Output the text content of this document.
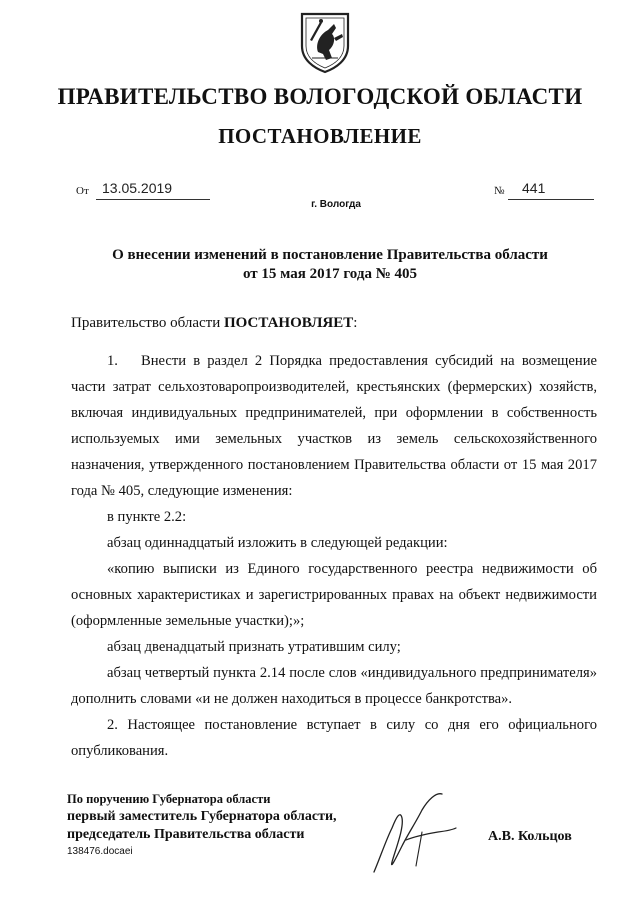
ПРАВИТЕЛЬСТВО ВОЛОГОДСКОЙ ОБЛАСТИ
ПОСТАНОВЛЕНИЕ
От 13.05.2019	№ 441
г. Вологда
О внесении изменений в постановление Правительства области
от 15 мая 2017 года № 405
Правительство области ПОСТАНОВЛЯЕТ:
1. Внести в раздел 2 Порядка предоставления субсидий на возмещение части затрат сельхозтоваропроизводителей, крестьянских (фермерских) хозяйств, включая индивидуальных предпринимателей, при оформлении в собственность используемых ими земельных участков из земель сельскохозяйственного назначения, утвержденного постановлением Правительства области от 15 мая 2017 года № 405, следующие изменения:
в пункте 2.2:
абзац одиннадцатый изложить в следующей редакции:
«копию выписки из Единого государственного реестра недвижимости об основных характеристиках и зарегистрированных правах на объект недвижимости (оформленные земельные участки);»;
абзац двенадцатый признать утратившим силу;
абзац четвертый пункта 2.14 после слов «индивидуального предпринимателя» дополнить словами «и не должен находиться в процессе банкротства».
2. Настоящее постановление вступает в силу со дня его официального опубликования.
По поручению Губернатора области
первый заместитель Губернатора области,
председатель Правительства области
138476.docaei
А.В. Кольцов
